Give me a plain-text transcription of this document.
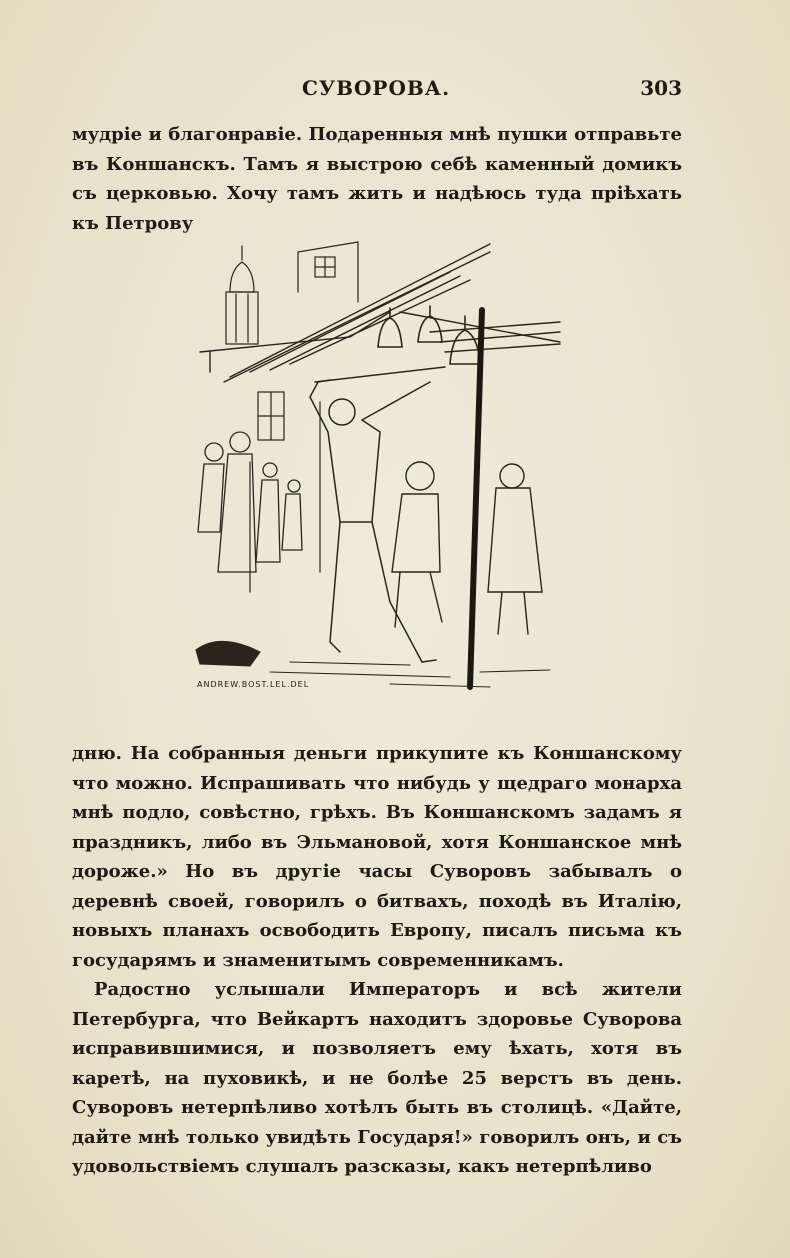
СУВОРОВА.	303

мудріе и благонравіе. Подаренныя мнѣ пушки отправьте въ Коншанскъ. Тамъ я выстрою себѣ каменный домикъ съ церковью. Хочу тамъ жить и надѣюсь туда пріѣхать къ Петрову

ANDREW.BOST.LEL.DEL

дню. На собранныя деньги прикупите къ Коншанскому что можно. Испрашивать что нибудь у щедраго монарха мнѣ подло, совѣстно, грѣхъ. Въ Коншанскомъ задамъ я праздникъ, либо въ Эльмановой, хотя Коншанское мнѣ дороже.» Но въ другіе часы Суворовъ забывалъ о деревнѣ своей, говорилъ о битвахъ, походѣ въ Италію, новыхъ планахъ освободить Европу, писалъ письма къ государямъ и знаменитымъ современникамъ.

Радостно услышали Императоръ и всѣ жители Петербурга, что Вейкартъ находитъ здоровье Суворова исправившимися, и позволяетъ ему ѣхать, хотя въ каретѣ, на пуховикѣ, и не болѣе 25 верстъ въ день. Суворовъ нетерпѣливо хотѣлъ быть въ столицѣ. «Дайте, дайте мнѣ только увидѣть Государя!» говорилъ онъ, и съ удовольствіемъ слушалъ разсказы, какъ нетерпѣливо
